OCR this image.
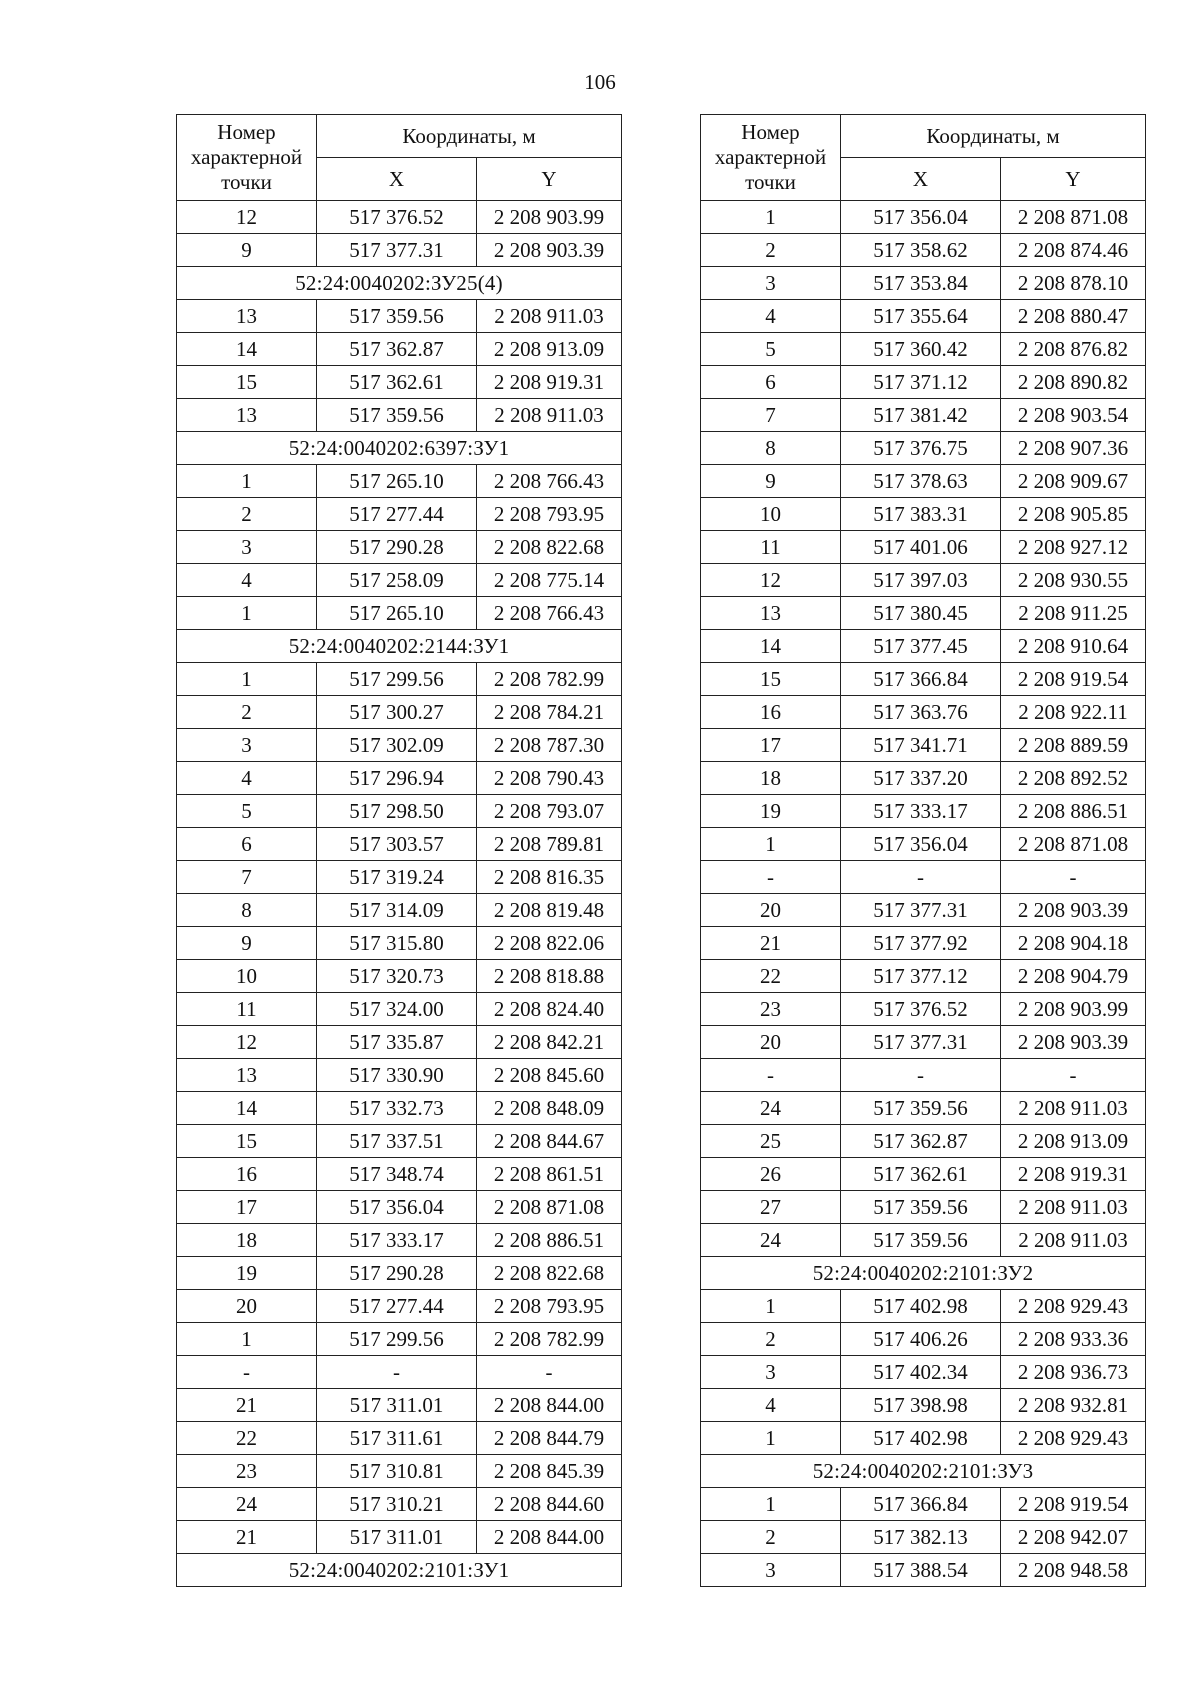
106
Номер характерной точки	Координаты, м	
	X	Y
12	517 376.52	2 208 903.99
9	517 377.31	2 208 903.39
52:24:0040202:ЗУ25(4)		
13	517 359.56	2 208 911.03
14	517 362.87	2 208 913.09
15	517 362.61	2 208 919.31
13	517 359.56	2 208 911.03
52:24:0040202:6397:ЗУ1		
1	517 265.10	2 208 766.43
2	517 277.44	2 208 793.95
3	517 290.28	2 208 822.68
4	517 258.09	2 208 775.14
1	517 265.10	2 208 766.43
52:24:0040202:2144:ЗУ1		
1	517 299.56	2 208 782.99
2	517 300.27	2 208 784.21
3	517 302.09	2 208 787.30
4	517 296.94	2 208 790.43
5	517 298.50	2 208 793.07
6	517 303.57	2 208 789.81
7	517 319.24	2 208 816.35
8	517 314.09	2 208 819.48
9	517 315.80	2 208 822.06
10	517 320.73	2 208 818.88
11	517 324.00	2 208 824.40
12	517 335.87	2 208 842.21
13	517 330.90	2 208 845.60
14	517 332.73	2 208 848.09
15	517 337.51	2 208 844.67
16	517 348.74	2 208 861.51
17	517 356.04	2 208 871.08
18	517 333.17	2 208 886.51
19	517 290.28	2 208 822.68
20	517 277.44	2 208 793.95
1	517 299.56	2 208 782.99
-	-	-
21	517 311.01	2 208 844.00
22	517 311.61	2 208 844.79
23	517 310.81	2 208 845.39
24	517 310.21	2 208 844.60
21	517 311.01	2 208 844.00
52:24:0040202:2101:ЗУ1		
Номер характерной точки	Координаты, м	
	X	Y
1	517 356.04	2 208 871.08
2	517 358.62	2 208 874.46
3	517 353.84	2 208 878.10
4	517 355.64	2 208 880.47
5	517 360.42	2 208 876.82
6	517 371.12	2 208 890.82
7	517 381.42	2 208 903.54
8	517 376.75	2 208 907.36
9	517 378.63	2 208 909.67
10	517 383.31	2 208 905.85
11	517 401.06	2 208 927.12
12	517 397.03	2 208 930.55
13	517 380.45	2 208 911.25
14	517 377.45	2 208 910.64
15	517 366.84	2 208 919.54
16	517 363.76	2 208 922.11
17	517 341.71	2 208 889.59
18	517 337.20	2 208 892.52
19	517 333.17	2 208 886.51
1	517 356.04	2 208 871.08
-	-	-
20	517 377.31	2 208 903.39
21	517 377.92	2 208 904.18
22	517 377.12	2 208 904.79
23	517 376.52	2 208 903.99
20	517 377.31	2 208 903.39
-	-	-
24	517 359.56	2 208 911.03
25	517 362.87	2 208 913.09
26	517 362.61	2 208 919.31
27	517 359.56	2 208 911.03
24	517 359.56	2 208 911.03
52:24:0040202:2101:ЗУ2		
1	517 402.98	2 208 929.43
2	517 406.26	2 208 933.36
3	517 402.34	2 208 936.73
4	517 398.98	2 208 932.81
1	517 402.98	2 208 929.43
52:24:0040202:2101:ЗУ3		
1	517 366.84	2 208 919.54
2	517 382.13	2 208 942.07
3	517 388.54	2 208 948.58
